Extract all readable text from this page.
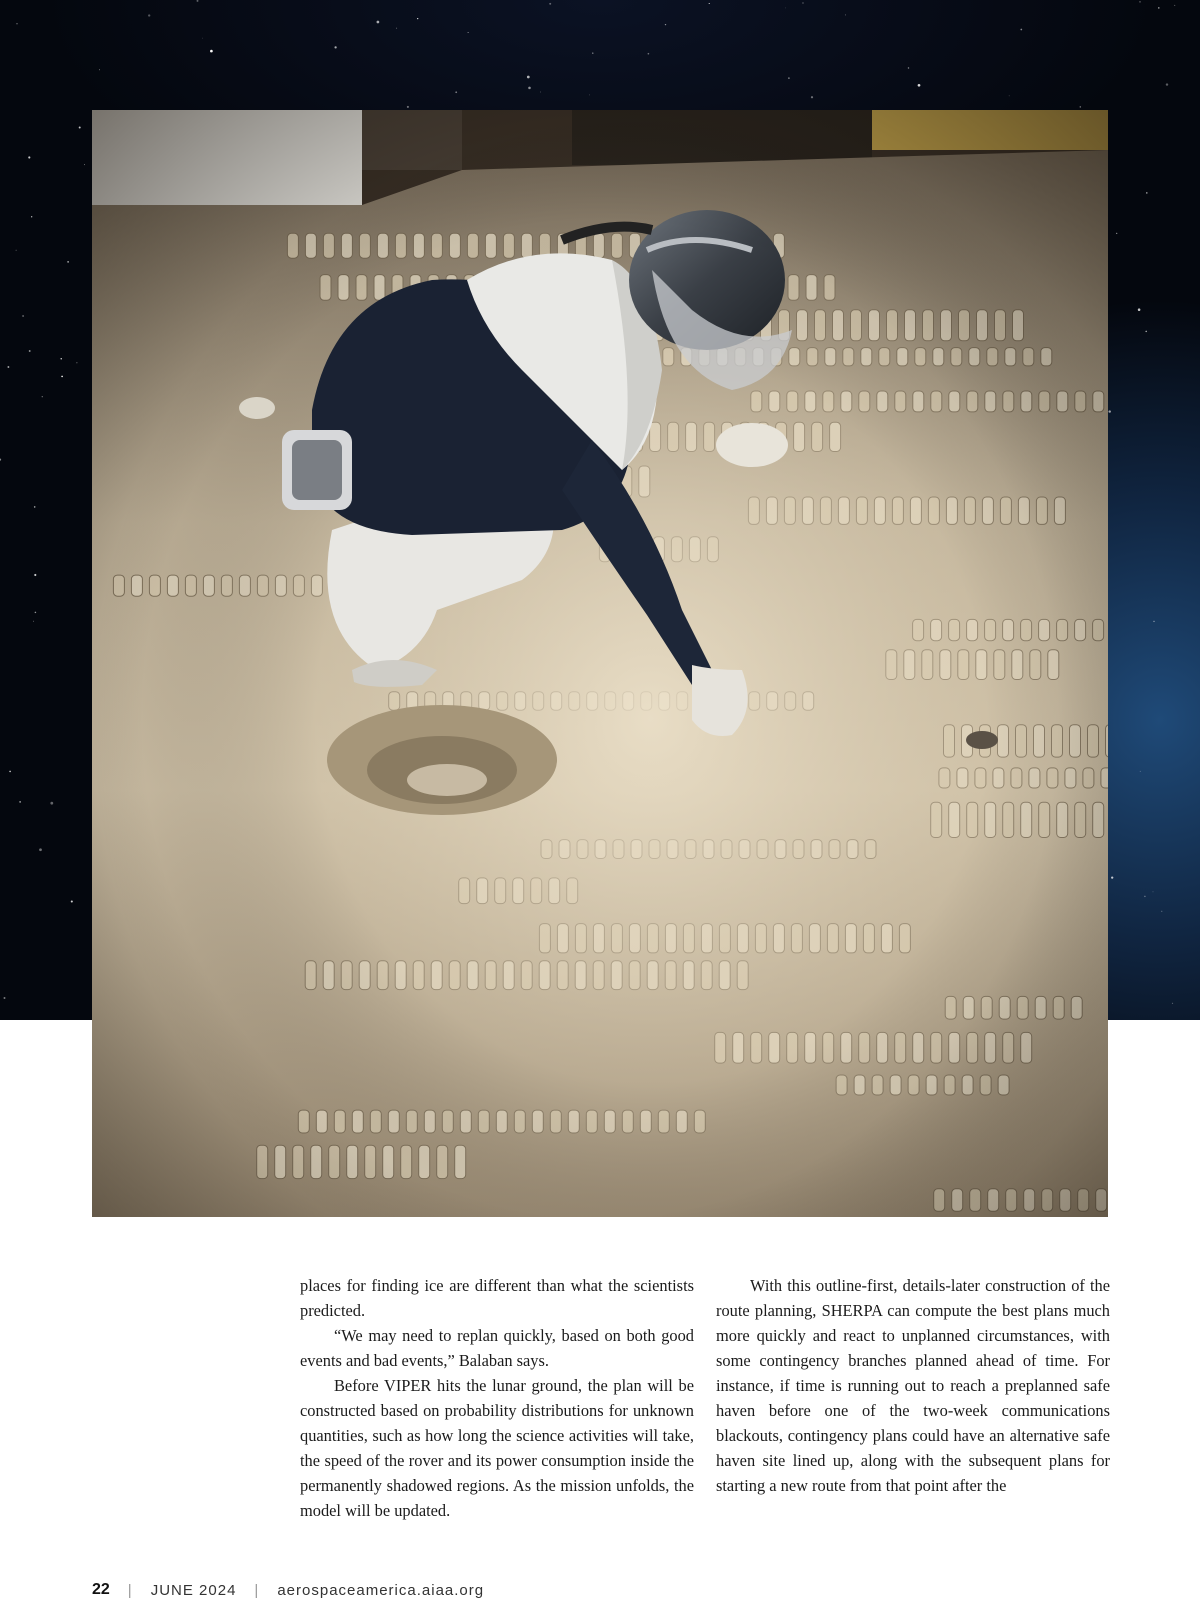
places for finding ice are different than what the scientists predicted.

“We may need to replan quickly, based on both good events and bad events,” Balaban says.

Before VIPER hits the lunar ground, the plan will be constructed based on probability distributions for unknown quantities, such as how long the science activities will take, the speed of the rover and its power consumption inside the permanently shadowed regions. As the mission unfolds, the model will be updated.

With this outline-first, details-later construction of the route planning, SHERPA can compute the best plans much more quickly and react to unplanned circumstances, with some contingency branches planned ahead of time. For instance, if time is running out to reach a preplanned safe haven before one of the two-week communications blackouts, contingency plans could have an alternative safe haven site lined up, along with the subsequent plans for starting a new route from that point after the

22 | JUNE 2024 | aerospaceamerica.aiaa.org
